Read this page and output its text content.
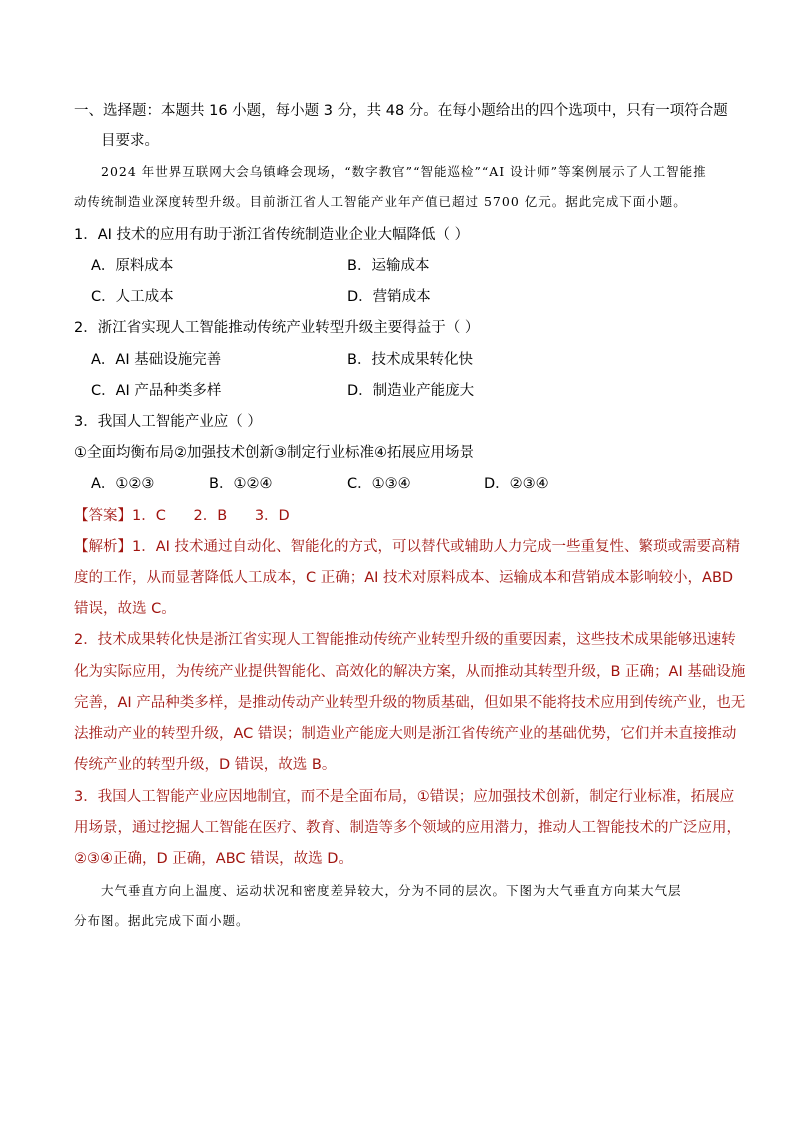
一、选择题：本题共 16 小题，每小题 3 分，共 48 分。在每小题给出的四个选项中，只有一项符合题
目要求。
2024 年世界互联网大会乌镇峰会现场，“数字教官”“智能巡检”“AI 设计师”等案例展示了人工智能推
动传统制造业深度转型升级。目前浙江省人工智能产业年产值已超过 5700 亿元。据此完成下面小题。
1．AI 技术的应用有助于浙江省传统制造业企业大幅降低（ ）
A．原料成本	B．运输成本
C．人工成本	D．营销成本
2．浙江省实现人工智能推动传统产业转型升级主要得益于（ ）
A．AI 基础设施完善	B．技术成果转化快
C．AI 产品种类多样	D．制造业产能庞大
3．我国人工智能产业应（ ）
①全面均衡布局②加强技术创新③制定行业标准④拓展应用场景
A．①②③	B．①②④	C．①③④	D．②③④
【答案】1．C      2．B      3．D
【解析】1．AI 技术通过自动化、智能化的方式，可以替代或辅助人力完成一些重复性、繁琐或需要高精
度的工作，从而显著降低人工成本，C 正确；AI 技术对原料成本、运输成本和营销成本影响较小，ABD
错误，故选 C。
2．技术成果转化快是浙江省实现人工智能推动传统产业转型升级的重要因素，这些技术成果能够迅速转
化为实际应用，为传统产业提供智能化、高效化的解决方案，从而推动其转型升级，B 正确；AI 基础设施
完善，AI 产品种类多样，是推动传动产业转型升级的物质基础，但如果不能将技术应用到传统产业，也无
法推动产业的转型升级，AC 错误；制造业产能庞大则是浙江省传统产业的基础优势，它们并未直接推动
传统产业的转型升级，D 错误，故选 B。
3．我国人工智能产业应因地制宜，而不是全面布局，①错误；应加强技术创新，制定行业标准，拓展应
用场景，通过挖掘人工智能在医疗、教育、制造等多个领域的应用潜力，推动人工智能技术的广泛应用，
②③④正确，D 正确，ABC 错误，故选 D。
大气垂直方向上温度、运动状况和密度差异较大，分为不同的层次。下图为大气垂直方向某大气层
分布图。据此完成下面小题。
